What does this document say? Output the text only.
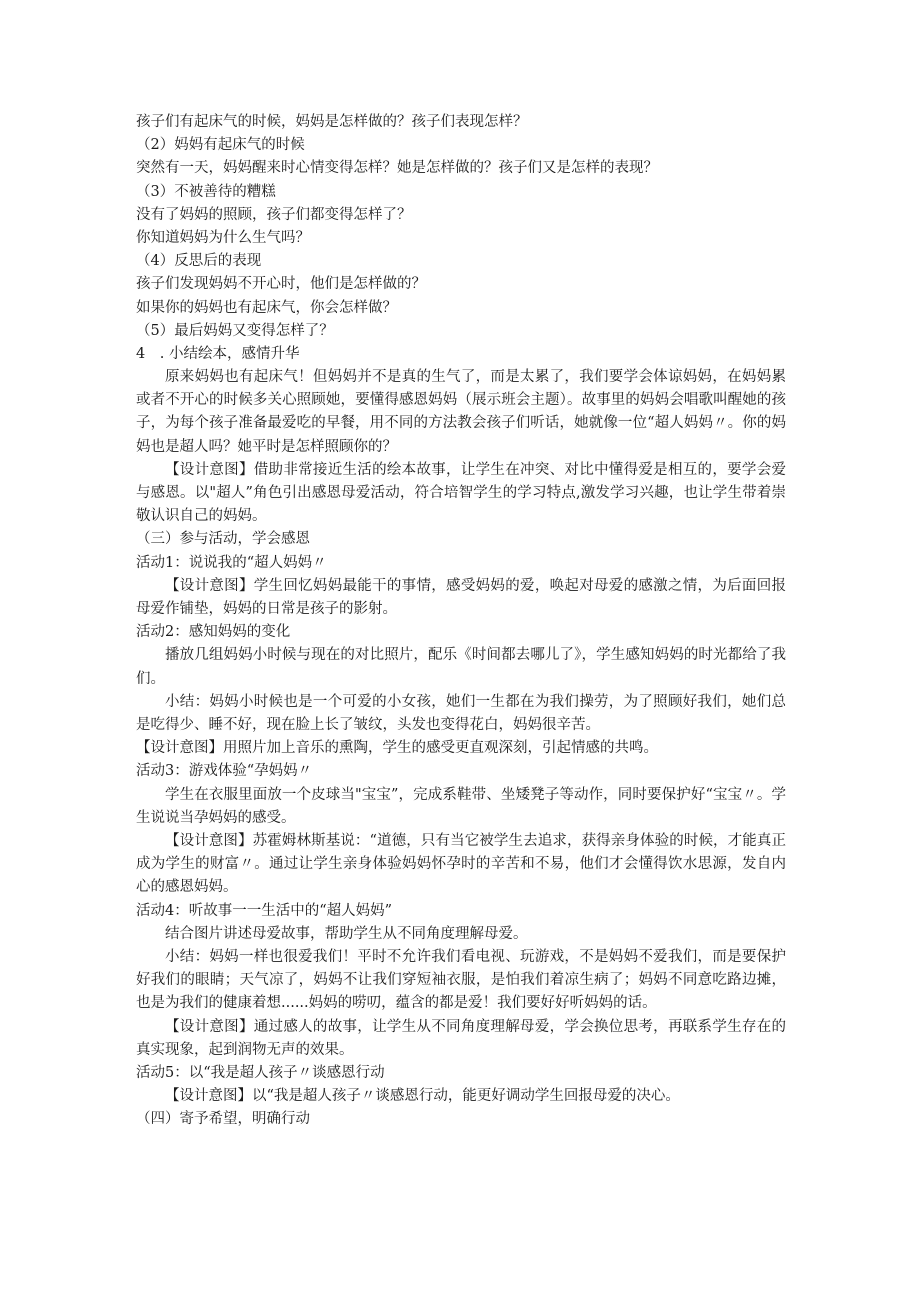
孩子们有起床气的时候，妈妈是怎样做的？孩子们表现怎样？
（2）妈妈有起床气的时候
突然有一天，妈妈醒来时心情变得怎样？她是怎样做的？孩子们又是怎样的表现？
（3）不被善待的糟糕
没有了妈妈的照顾，孩子们都变得怎样了？
你知道妈妈为什么生气吗？
（4）反思后的表现
孩子们发现妈妈不开心时，他们是怎样做的？
如果你的妈妈也有起床气，你会怎样做？
（5）最后妈妈又变得怎样了？
4　. 小结绘本，感情升华

原来妈妈也有起床气！但妈妈并不是真的生气了，而是太累了，我们要学会体谅妈妈，在妈妈累或者不开心的时候多关心照顾她，要懂得感恩妈妈（展示班会主题）。故事里的妈妈会唱歌叫醒她的孩子，为每个孩子准备最爱吃的早餐，用不同的方法教会孩子们听话，她就像一位“超人妈妈〃。你的妈妈也是超人吗？她平时是怎样照顾你的？

【设计意图】借助非常接近生活的绘本故事，让学生在冲突、对比中懂得爱是相互的，要学会爱与感恩。以"超人”角色引出感恩母爱活动，符合培智学生的学习特点,激发学习兴趣，也让学生带着崇敬认识自己的妈妈。

（三）参与活动，学会感恩
活动1：说说我的“超人妈妈〃

【设计意图】学生回忆妈妈最能干的事情，感受妈妈的爱，唤起对母爱的感激之情，为后面回报母爱作铺垫，妈妈的日常是孩子的影射。

活动2：感知妈妈的变化

播放几组妈妈小时候与现在的对比照片，配乐《时间都去哪儿了》，学生感知妈妈的时光都给了我们。

小结：妈妈小时候也是一个可爱的小女孩，她们一生都在为我们操劳，为了照顾好我们，她们总是吃得少、睡不好，现在脸上长了皱纹，头发也变得花白，妈妈很辛苦。

【设计意图】用照片加上音乐的熏陶，学生的感受更直观深刻，引起情感的共鸣。

活动3：游戏体验“孕妈妈〃

学生在衣服里面放一个皮球当"宝宝”，完成系鞋带、坐矮凳子等动作，同时要保护好“宝宝〃。学生说说当孕妈妈的感受。

【设计意图】苏霍姆林斯基说：“道德，只有当它被学生去追求，获得亲身体验的时候，才能真正成为学生的财富〃。通过让学生亲身体验妈妈怀孕时的辛苦和不易，他们才会懂得饮水思源，发自内心的感恩妈妈。

活动4：听故事一一生活中的“超人妈妈”

结合图片讲述母爱故事，帮助学生从不同角度理解母爱。

小结：妈妈一样也很爱我们！平时不允许我们看电视、玩游戏，不是妈妈不爱我们，而是要保护好我们的眼睛；天气凉了，妈妈不让我们穿短袖衣服，是怕我们着凉生病了；妈妈不同意吃路边摊，也是为我们的健康着想......妈妈的唠叨，蕴含的都是爱！我们要好好听妈妈的话。

【设计意图】通过感人的故事，让学生从不同角度理解母爱，学会换位思考，再联系学生存在的真实现象，起到润物无声的效果。

活动5：以“我是超人孩子〃谈感恩行动

【设计意图】以“我是超人孩子〃谈感恩行动，能更好调动学生回报母爱的决心。

（四）寄予希望，明确行动
